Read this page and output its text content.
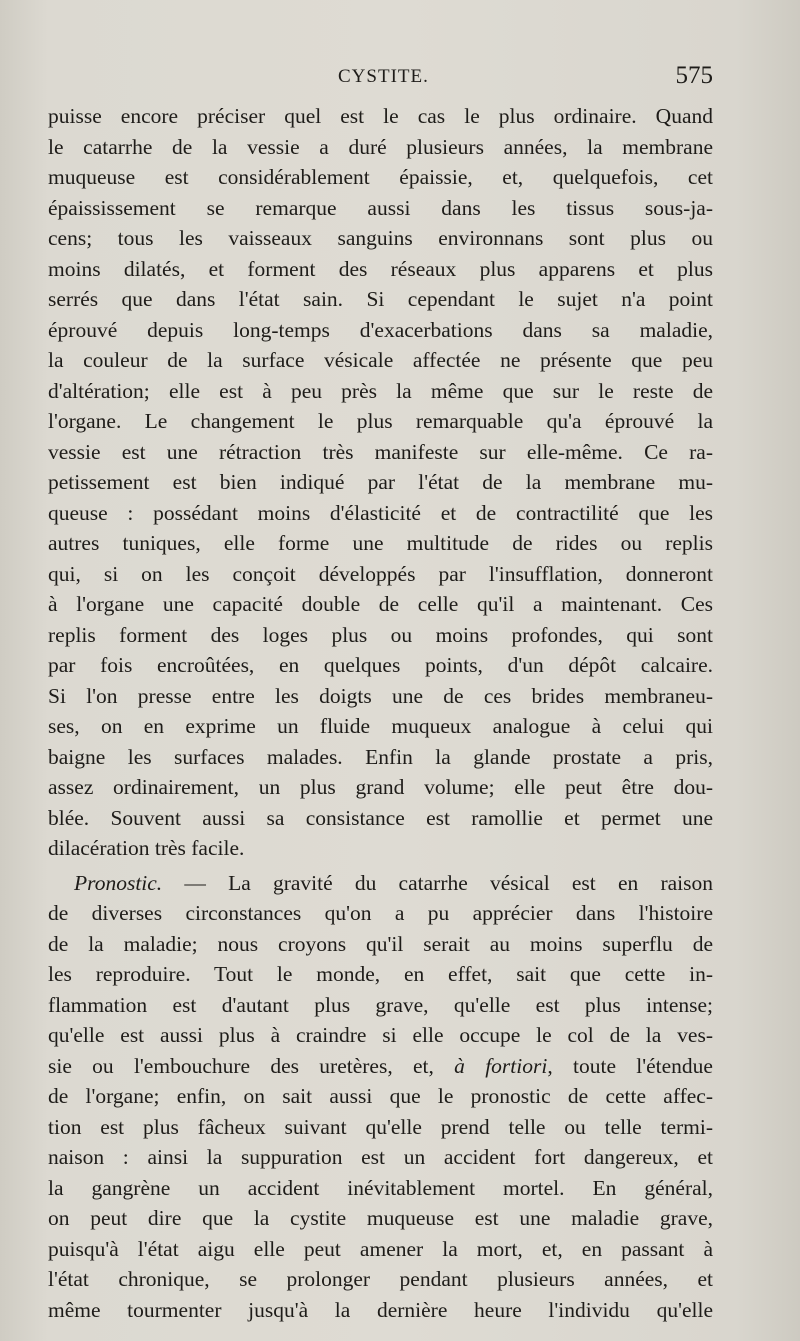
CYSTITE.	575
puisse encore préciser quel est le cas le plus ordinaire. Quand
le catarrhe de la vessie a duré plusieurs années, la membrane
muqueuse est considérablement épaissie, et, quelquefois, cet
épaississement se remarque aussi dans les tissus sous-ja-
cens; tous les vaisseaux sanguins environnans sont plus ou
moins dilatés, et forment des réseaux plus apparens et plus
serrés que dans l'état sain. Si cependant le sujet n'a point
éprouvé depuis long-temps d'exacerbations dans sa maladie,
la couleur de la surface vésicale affectée ne présente que peu
d'altération; elle est à peu près la même que sur le reste de
l'organe. Le changement le plus remarquable qu'a éprouvé la
vessie est une rétraction très manifeste sur elle-même. Ce ra-
petissement est bien indiqué par l'état de la membrane mu-
queuse : possédant moins d'élasticité et de contractilité que les
autres tuniques, elle forme une multitude de rides ou replis
qui, si on les conçoit développés par l'insufflation, donneront
à l'organe une capacité double de celle qu'il a maintenant. Ces
replis forment des loges plus ou moins profondes, qui sont
par fois encroûtées, en quelques points, d'un dépôt calcaire.
Si l'on presse entre les doigts une de ces brides membraneu-
ses, on en exprime un fluide muqueux analogue à celui qui
baigne les surfaces malades. Enfin la glande prostate a pris,
assez ordinairement, un plus grand volume; elle peut être dou-
blée. Souvent aussi sa consistance est ramollie et permet une
dilacération très facile.
Pronostic. — La gravité du catarrhe vésical est en raison
de diverses circonstances qu'on a pu apprécier dans l'histoire
de la maladie; nous croyons qu'il serait au moins superflu de
les reproduire. Tout le monde, en effet, sait que cette in-
flammation est d'autant plus grave, qu'elle est plus intense;
qu'elle est aussi plus à craindre si elle occupe le col de la ves-
sie ou l'embouchure des uretères, et, à fortiori, toute l'étendue
de l'organe; enfin, on sait aussi que le pronostic de cette affec-
tion est plus fâcheux suivant qu'elle prend telle ou telle termi-
naison : ainsi la suppuration est un accident fort dangereux, et
la gangrène un accident inévitablement mortel. En général,
on peut dire que la cystite muqueuse est une maladie grave,
puisqu'à l'état aigu elle peut amener la mort, et, en passant à
l'état chronique, se prolonger pendant plusieurs années, et
même tourmenter jusqu'à la dernière heure l'individu qu'elle
